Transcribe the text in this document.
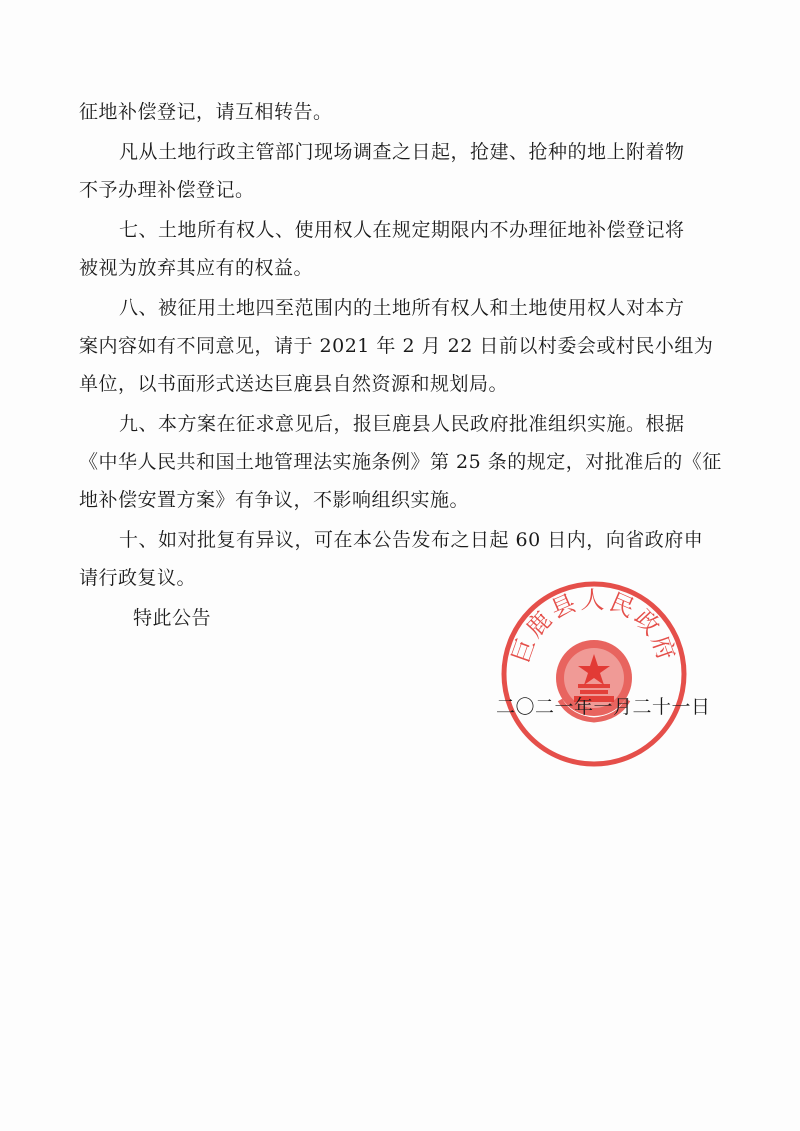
征地补偿登记，请互相转告。
凡从土地行政主管部门现场调查之日起，抢建、抢种的地上附着物
不予办理补偿登记。
七、土地所有权人、使用权人在规定期限内不办理征地补偿登记将
被视为放弃其应有的权益。
八、被征用土地四至范围内的土地所有权人和土地使用权人对本方
案内容如有不同意见，请于 2021 年 2 月 22 日前以村委会或村民小组为
单位，以书面形式送达巨鹿县自然资源和规划局。
九、本方案在征求意见后，报巨鹿县人民政府批准组织实施。根据
《中华人民共和国土地管理法实施条例》第 25 条的规定，对批准后的《征
地补偿安置方案》有争议，不影响组织实施。
十、如对批复有异议，可在本公告发布之日起 60 日内，向省政府申
请行政复议。
特此公告
巨鹿县人民政府
二〇二一年一月二十一日
